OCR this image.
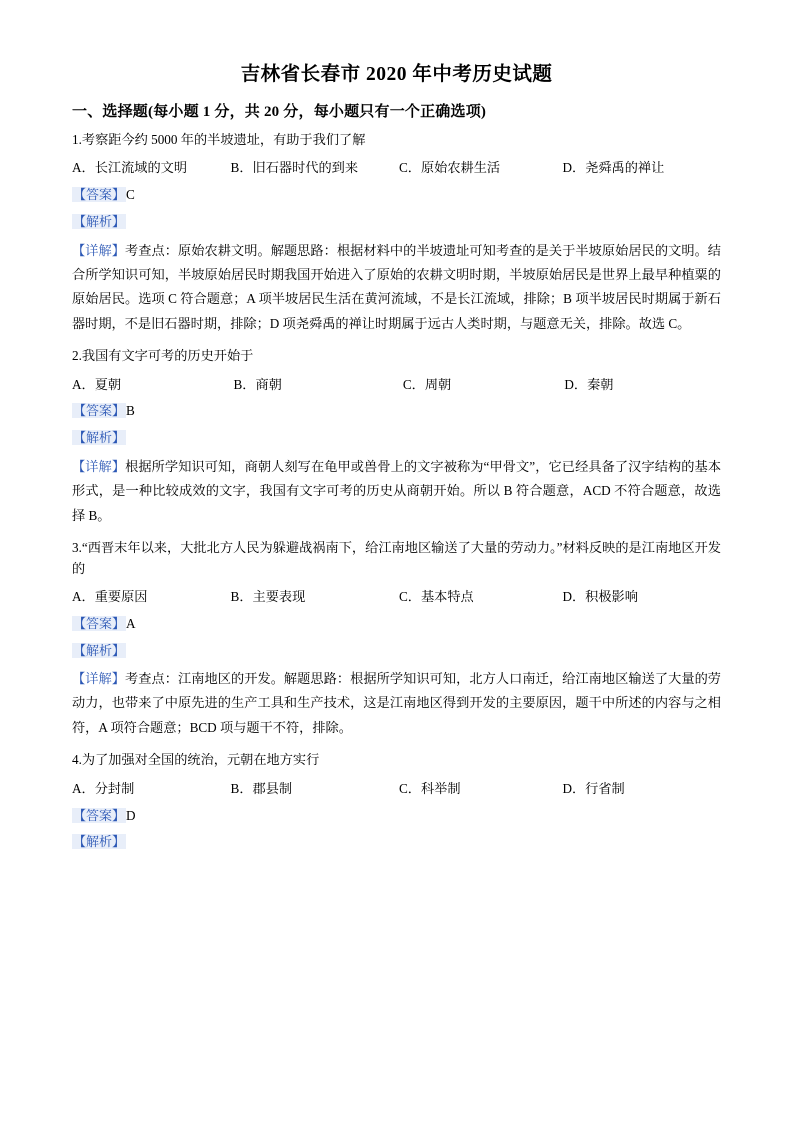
吉林省长春市 2020 年中考历史试题
一、选择题(每小题 1 分，共 20 分，每小题只有一个正确选项)
1.考察距今约 5000 年的半坡遗址，有助于我们了解
A．长江流域的文明	B．旧石器时代的到来	C．原始农耕生活	D．尧舜禹的禅让
【答案】C
【解析】
【详解】考查点：原始农耕文明。解题思路：根据材料中的半坡遗址可知考查的是关于半坡原始居民的文明。结合所学知识可知，半坡原始居民时期我国开始进入了原始的农耕文明时期，半坡原始居民是世界上最早种植粟的原始居民。选项 C 符合题意；A 项半坡居民生活在黄河流域，不是长江流域，排除；B 项半坡居民时期属于新石器时期，不是旧石器时期，排除；D 项尧舜禹的禅让时期属于远古人类时期，与题意无关，排除。故选 C。
2.我国有文字可考的历史开始于
A．夏朝	B．商朝	C．周朝	D．秦朝
【答案】B
【解析】
【详解】根据所学知识可知，商朝人刻写在龟甲或兽骨上的文字被称为“甲骨文”，它已经具备了汉字结构的基本形式，是一种比较成效的文字，我国有文字可考的历史从商朝开始。所以 B 符合题意，ACD 不符合题意，故选择 B。
3.“西晋末年以来，大批北方人民为躲避战祸南下，给江南地区输送了大量的劳动力。”材料反映的是江南地区开发的
A．重要原因	B．主要表现	C．基本特点	D．积极影响
【答案】A
【解析】
【详解】考查点：江南地区的开发。解题思路：根据所学知识可知，北方人口南迁，给江南地区输送了大量的劳动力，也带来了中原先进的生产工具和生产技术，这是江南地区得到开发的主要原因，题干中所述的内容与之相符，A 项符合题意；BCD 项与题干不符，排除。
4.为了加强对全国的统治，元朝在地方实行
A．分封制	B．郡县制	C．科举制	D．行省制
【答案】D
【解析】
